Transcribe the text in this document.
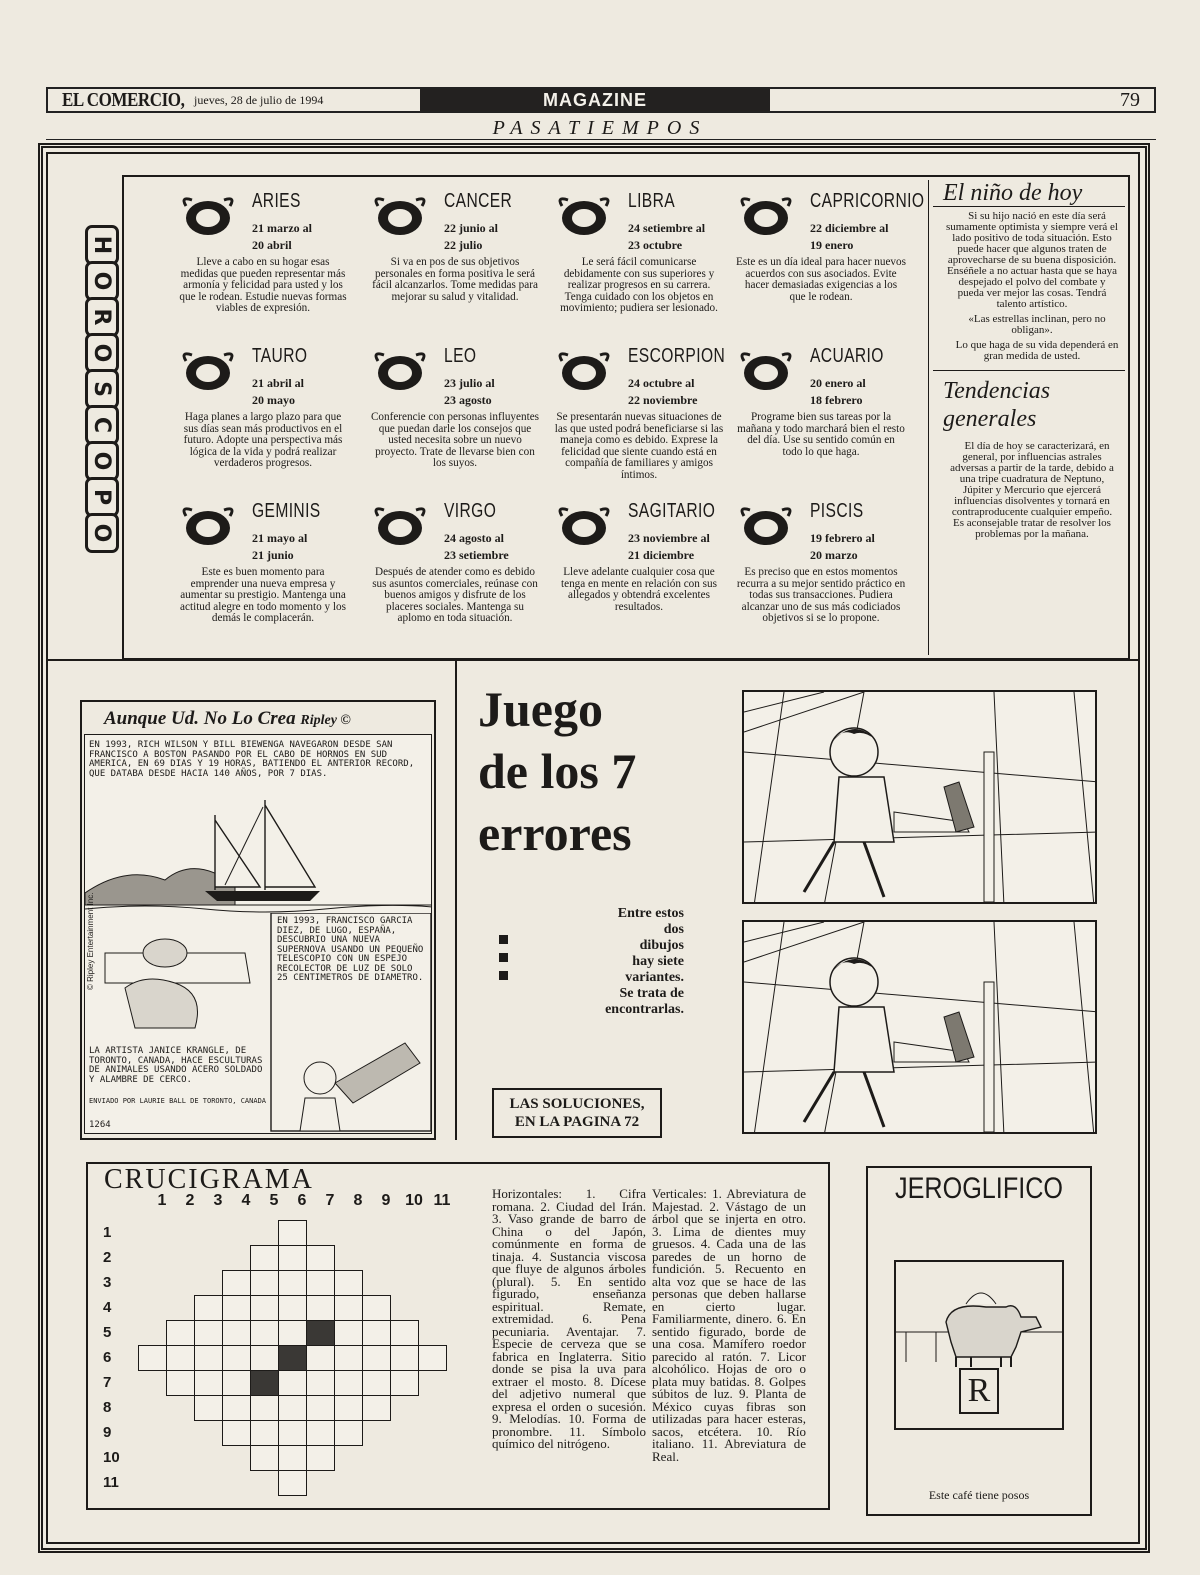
EL COMERCIO, jueves, 28 de julio de 1994	MAGAZINE	79
PASATIEMPOS
H
O
R
O
S
C
O
P
O
ARIES
21 marzo al
20 abril
Lleve a cabo en su hogar esas medidas que pueden representar más armonía y felicidad para usted y los que le rodean. Estudie nuevas formas viables de expresión.
CANCER
22 junio al
22 julio
Si va en pos de sus objetivos personales en forma positiva le será fácil alcanzarlos. Tome medidas para mejorar su salud y vitalidad.
LIBRA
24 setiembre al
23 octubre
Le será fácil comunicarse debidamente con sus superiores y realizar progresos en su carrera. Tenga cuidado con los objetos en movimiento; pudiera ser lesionado.
CAPRICORNIO
22 diciembre al
19 enero
Este es un día ideal para hacer nuevos acuerdos con sus asociados. Evite hacer demasiadas exigencias a los que le rodean.
TAURO
21 abril al
20 mayo
Haga planes a largo plazo para que sus días sean más productivos en el futuro. Adopte una perspectiva más lógica de la vida y podrá realizar verdaderos progresos.
LEO
23 julio al
23 agosto
Conferencie con personas influyentes que puedan darle los consejos que usted necesita sobre un nuevo proyecto. Trate de llevarse bien con los suyos.
ESCORPION
24 octubre al
22 noviembre
Se presentarán nuevas situaciones de las que usted podrá beneficiarse si las maneja como es debido. Exprese la felicidad que siente cuando está en compañía de familiares y amigos íntimos.
ACUARIO
20 enero al
18 febrero
Programe bien sus tareas por la mañana y todo marchará bien el resto del día. Use su sentido común en todo lo que haga.
GEMINIS
21 mayo al
21 junio
Este es buen momento para emprender una nueva empresa y aumentar su prestigio. Mantenga una actitud alegre en todo momento y los demás le complacerán.
VIRGO
24 agosto al
23 setiembre
Después de atender como es debido sus asuntos comerciales, reúnase con buenos amigos y disfrute de los placeres sociales. Mantenga su aplomo en toda situación.
SAGITARIO
23 noviembre al
21 diciembre
Lleve adelante cualquier cosa que tenga en mente en relación con sus allegados y obtendrá excelentes resultados.
PISCIS
19 febrero al
20 marzo
Es preciso que en estos momentos recurra a su mejor sentido práctico en todas sus transacciones. Pudiera alcanzar uno de sus más codiciados objetivos si se lo propone.
El niño de hoy
Si su hijo nació en este día será sumamente optimista y siempre verá el lado positivo de toda situación. Esto puede hacer que algunos traten de aprovecharse de su buena disposición. Enséñele a no actuar hasta que se haya despejado el polvo del combate y pueda ver mejor las cosas. Tendrá talento artístico.
«Las estrellas inclinan, pero no obligan».
Lo que haga de su vida dependerá en gran medida de usted.
Tendencias generales
El día de hoy se caracterizará, en general, por influencias astrales adversas a partir de la tarde, debido a una tripe cuadratura de Neptuno, Júpiter y Mercurio que ejercerá influencias disolventes y tornará en contraproducente cualquier empeño. Es aconsejable tratar de resolver los problemas por la mañana.
Aunque Ud. No Lo Crea Ripley ©
EN 1993, RICH WILSON Y BILL BIEWENGA NAVEGARON DESDE SAN FRANCISCO A BOSTON PASANDO POR EL CABO DE HORNOS EN SUD AMERICA, EN 69 DIAS Y 19 HORAS, BATIENDO EL ANTERIOR RECORD, QUE DATABA DESDE HACIA 140 AÑOS, POR 7 DIAS.
EN 1993, FRANCISCO GARCIA DIEZ, DE LUGO, ESPAÑA, DESCUBRIO UNA NUEVA SUPERNOVA USANDO UN PEQUEÑO TELESCOPIO CON UN ESPEJO RECOLECTOR DE LUZ DE SOLO 25 CENTIMETROS DE DIAMETRO.
LA ARTISTA JANICE KRANGLE, DE TORONTO, CANADA, HACE ESCULTURAS DE ANIMALES USANDO ACERO SOLDADO Y ALAMBRE DE CERCO.
ENVIADO POR LAURIE BALL DE TORONTO, CANADA
1264
© Ripley Entertainment Inc.
Juego
de los 7
errores
Entre estos
dos
dibujos
hay siete
variantes.
Se trata de
encontrarlas.
LAS SOLUCIONES,
EN LA PAGINA 72
CRUCIGRAMA
1 2 3 4 5 6 7 8 9 10 11
1
2
3
4
5
6
7
8
9
10
11
Horizontales: 1. Cifra romana. 2. Ciudad del Irán. 3. Vaso grande de barro de China o del Japón, comúnmente en forma de tinaja. 4. Sustancia viscosa que fluye de algunos árboles (plural). 5. En sentido figurado, enseñanza espiritual. Remate, extremidad. 6. Pena pecuniaria. Aventajar. 7. Especie de cerveza que se fabrica en Inglaterra. Sitio donde se pisa la uva para extraer el mosto. 8. Dícese del adjetivo numeral que expresa el orden o sucesión. 9. Melodías. 10. Forma de pronombre. 11. Símbolo químico del nitrógeno.
Verticales: 1. Abreviatura de Majestad. 2. Vástago de un árbol que se injerta en otro. 3. Lima de dientes muy gruesos. 4. Cada una de las paredes de un horno de fundición. 5. Recuento en alta voz que se hace de las personas que deben hallarse en cierto lugar. Familiarmente, dinero. 6. En sentido figurado, borde de una cosa. Mamífero roedor parecido al ratón. 7. Licor alcohólico. Hojas de oro o plata muy batidas. 8. Golpes súbitos de luz. 9. Planta de México cuyas fibras son utilizadas para hacer esteras, sacos, etcétera. 10. Río italiano. 11. Abreviatura de Real.
JEROGLIFICO
R
Este café tiene posos
